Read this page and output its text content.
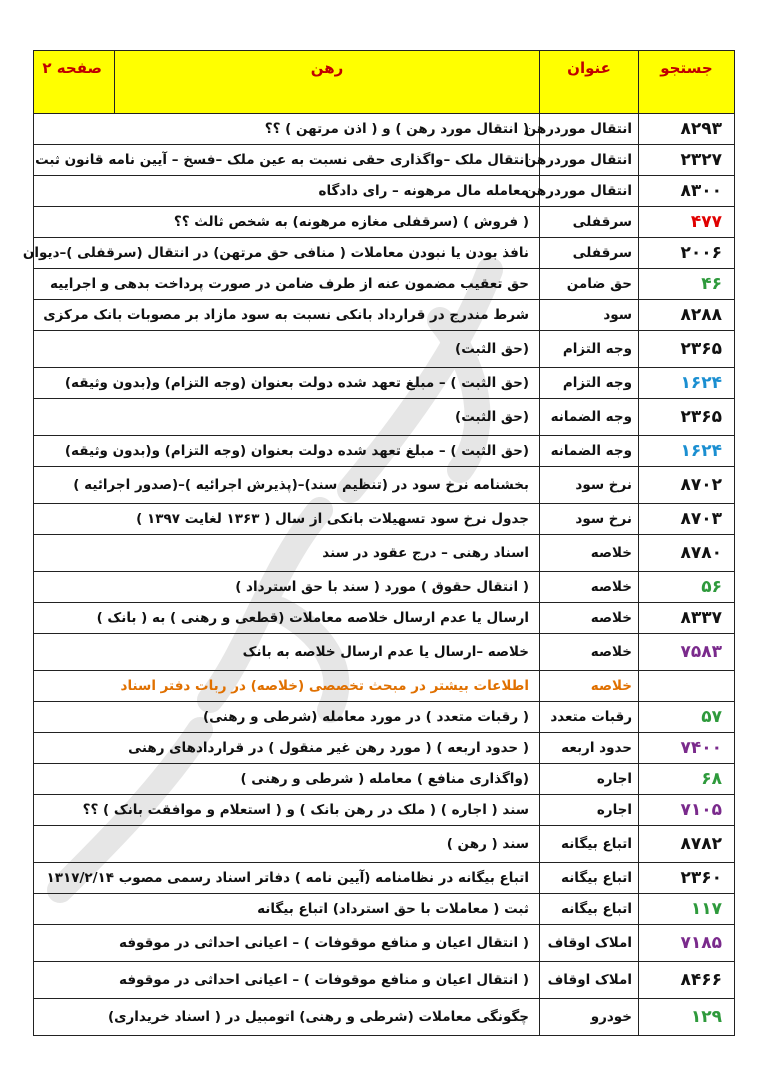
جستجو	عنوان	رهن	صفحه ۲
۸۲۹۳	انتقال موردرهن	( انتقال مورد رهن ) و ( اذن مرتهن ) ؟؟	
۲۳۲۷	انتقال موردرهن	انتقال ملک –واگذاری حقی نسبت به عین ملک –فسخ – آیین نامه قانون ثبت	
۸۳۰۰	انتقال موردرهن	معامله مال مرهونه – رای دادگاه	
۴۷۷	سرقفلی	( فروش ) (سرقفلی مغازه مرهونه) به شخص ثالث ؟؟	
۲۰۰۶	سرقفلی	نافذ بودن یا نبودن معاملات ( منافی حق مرتهن) در انتقال (سرقفلی )–دیوان	
۴۶	حق ضامن	حق تعقیب مضمون عنه از طرف ضامن در صورت پرداخت بدهی و اجراییه	
۸۲۸۸	سود	شرط مندرج در قرارداد بانکی نسبت به سود مازاد بر مصوبات بانک مرکزی	
۲۳۶۵	وجه التزام	(حق الثبت)	
۱۶۲۴	وجه التزام	(حق الثبت ) – مبلغ تعهد شده دولت بعنوان (وجه التزام) و(بدون وثیقه)	
۲۳۶۵	وجه الضمانه	(حق الثبت)	
۱۶۲۴	وجه الضمانه	(حق الثبت ) – مبلغ تعهد شده دولت بعنوان (وجه التزام) و(بدون وثیقه)	
۸۷۰۲	نرخ سود	بخشنامه نرخ سود در (تنظیم سند)–(پذیرش اجرائیه )–(صدور اجرائیه )	
۸۷۰۳	نرخ سود	جدول نرخ سود تسهیلات بانکی از سال ( ۱۳۶۳ لغایت ۱۳۹۷ )	
۸۷۸۰	خلاصه	اسناد رهنی – درج عقود در سند	
۵۶	خلاصه	( انتقال حقوق ) مورد ( سند با حق استرداد )	
۸۳۳۷	خلاصه	ارسال یا عدم ارسال خلاصه معاملات (قطعی و رهنی ) به ( بانک )	
۷۵۸۳	خلاصه	خلاصه –ارسال یا عدم ارسال خلاصه به بانک	
	خلاصه	اطلاعات بیشتر در مبحث تخصصی (خلاصه) در ربات دفتر اسناد	
۵۷	رقبات متعدد	( رقبات متعدد ) در مورد معامله (شرطی و رهنی)	
۷۴۰۰	حدود اربعه	( حدود اربعه ) ( مورد رهن غیر منقول ) در قراردادهای رهنی	
۶۸	اجاره	(واگذاری منافع ) معامله ( شرطی و رهنی )	
۷۱۰۵	اجاره	سند ( اجاره ) ( ملک در رهن بانک ) و ( استعلام و موافقت بانک ) ؟؟	
۸۷۸۲	اتباع بیگانه	سند ( رهن )	
۲۳۶۰	اتباع بیگانه	اتباع بیگانه در نظامنامه (آیین نامه ) دفاتر اسناد رسمی مصوب ۱۳۱۷/۲/۱۴	
۱۱۷	اتباع بیگانه	ثبت ( معاملات با حق استرداد) اتباع بیگانه	
۷۱۸۵	املاک اوقاف	( انتقال اعیان و منافع موقوفات ) – اعیانی احداثی در موقوفه	
۸۴۶۶	املاک اوقاف	( انتقال اعیان و منافع موقوفات ) – اعیانی احداثی در موقوفه	
۱۲۹	خودرو	چگونگی معاملات (شرطی و رهنی) اتومبیل در ( اسناد خریداری)	
